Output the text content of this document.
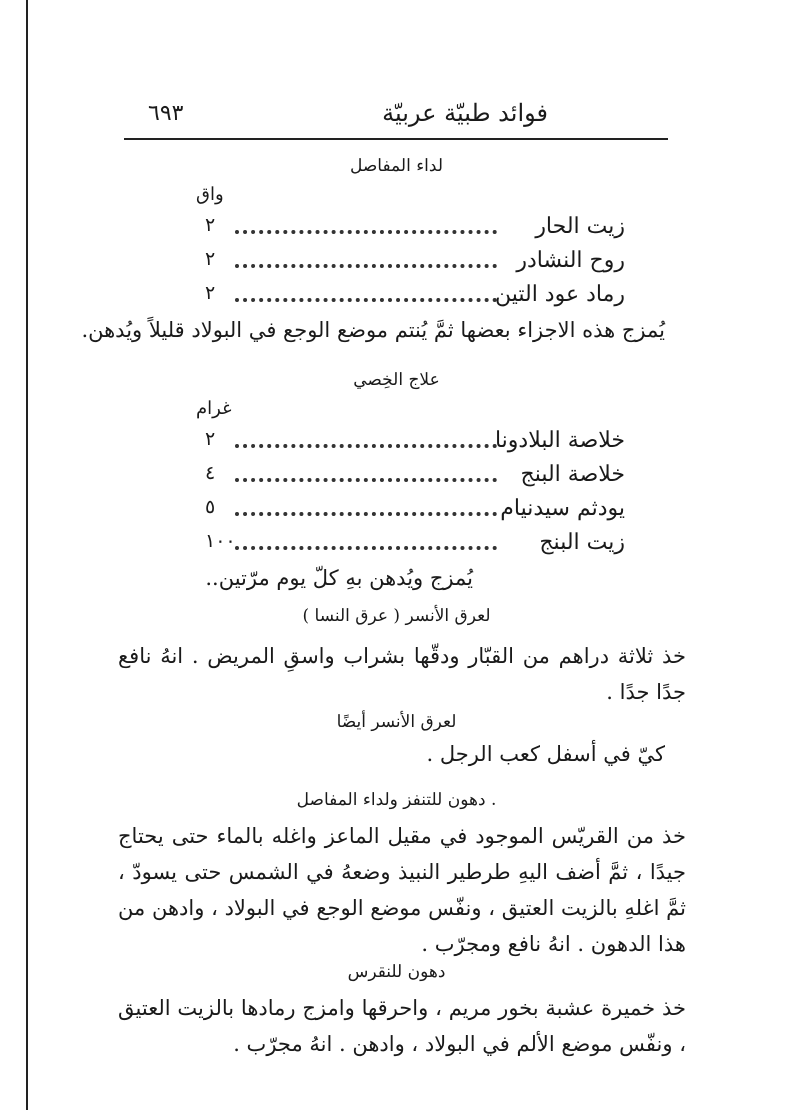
٦٩٣	فوائد طبيّة عربيّة
لداء المفاصل
واق
زيت الحار
٢
روح النشادر
٢
رماد عود التين
٢
يُمزج هذه الاجزاء بعضها ثمَّ يُنتم موضع الوجع في البولاد قليلاً ويُدهن.
علاج الخِصي
غرام
خلاصة البلادونا
٢
خلاصة البنج
٤
يودثم سيدنيام
٥
زيت البنج
١٠٠
يُمزج ويُدهن بهِ كلّ يوم مرّتين..
لعرق الأنسر ( عرق النسا )
خذ ثلاثة دراهم من القبّار ودقّها بشراب واسقِ المريض . انهُ نافع جدًا جدًا .
لعرق الأنسر أيضًا
كيّ في أسفل كعب الرجل .
. دهون للتنفز ولداء المفاصل
خذ من القريّس الموجود في مقيل الماعز واغله بالماء حتى يحتاج جيدًا ، ثمَّ أضف اليهِ طرطير النبيذ وضعهُ في الشمس حتى يسودّ ، ثمَّ اغلهِ بالزيت العتيق ، ونفّس موضع الوجع في البولاد ، وادهن من هذا الدهون . انهُ نافع ومجرّب .
دهون للنقرس
خذ خميرة عشبة بخور مريم ، واحرقها وامزج رمادها بالزيت العتيق ، ونفّس موضع الألم في البولاد ، وادهن . انهُ مجرّب .
